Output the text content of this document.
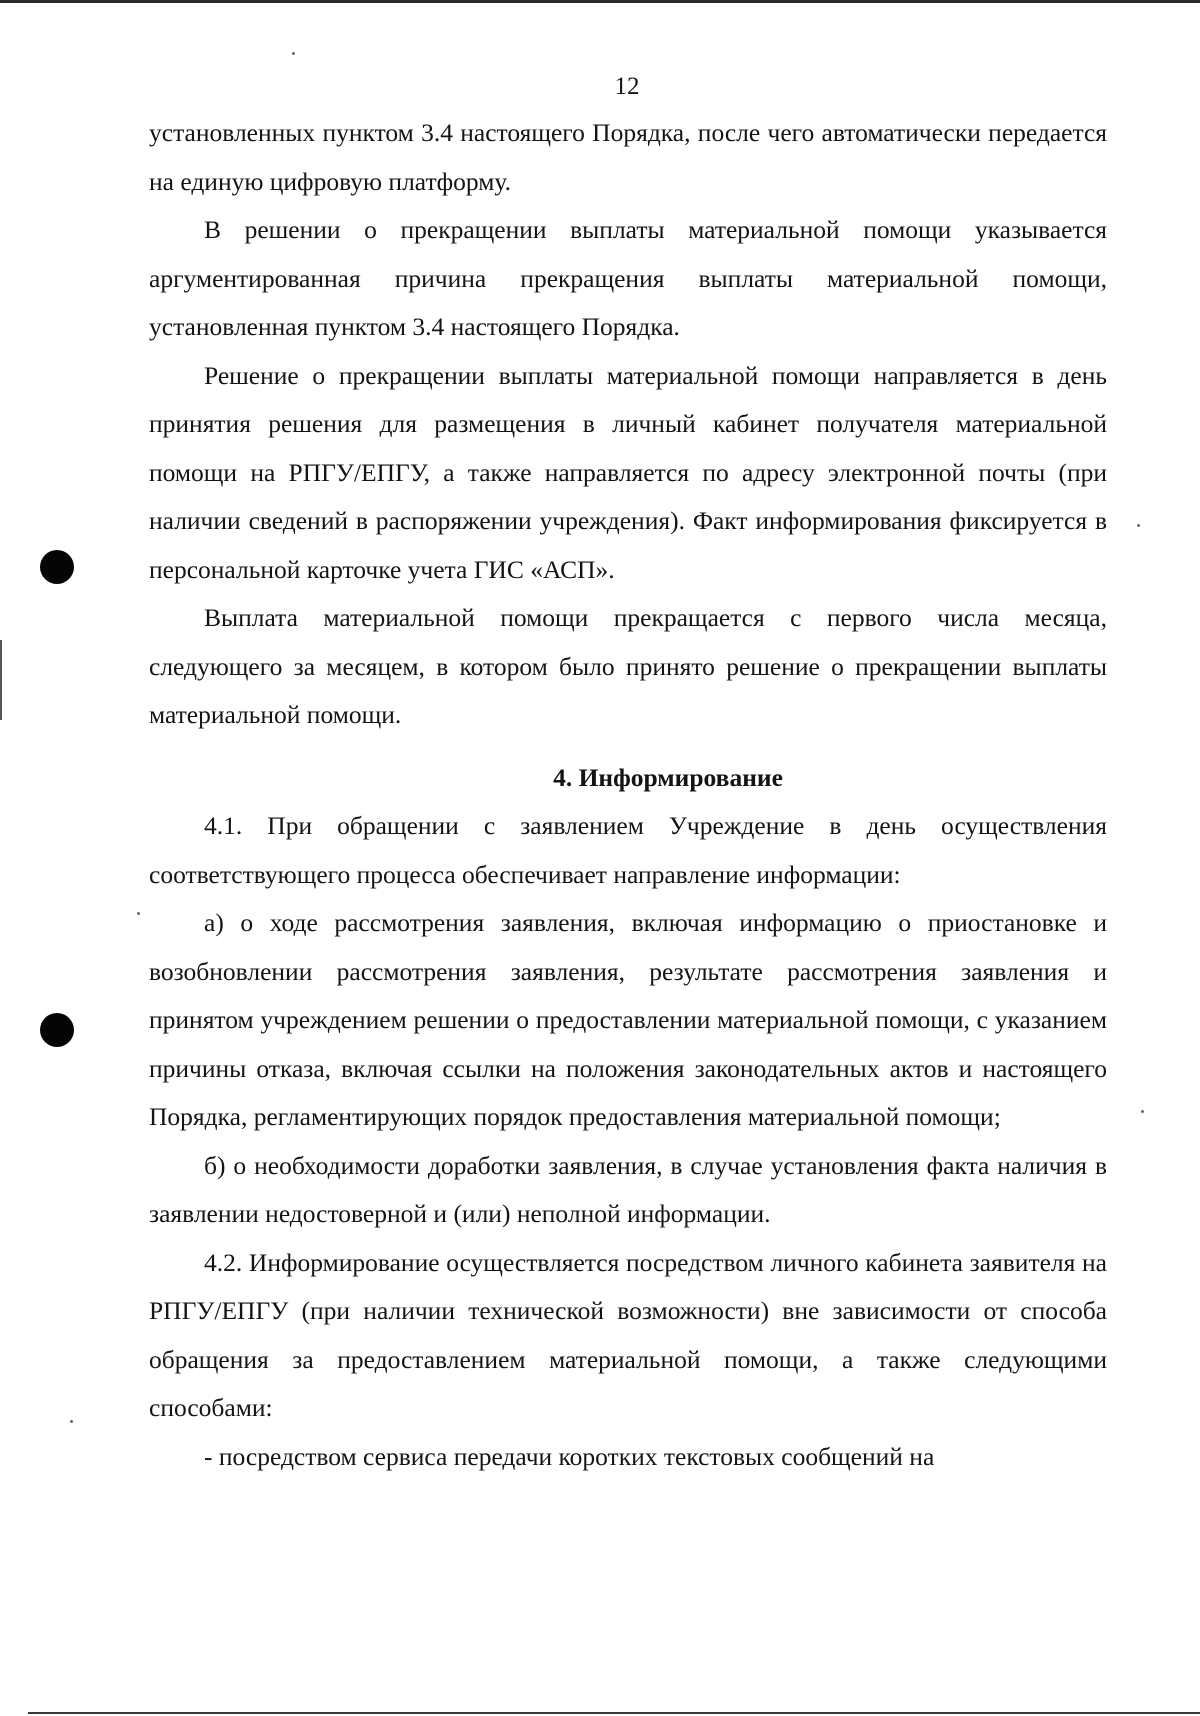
12

установленных пунктом 3.4 настоящего Порядка, после чего автоматически передается на единую цифровую платформу.

В решении о прекращении выплаты материальной помощи указывается аргументированная причина прекращения выплаты материальной помощи, установленная пунктом 3.4 настоящего Порядка.

Решение о прекращении выплаты материальной помощи направляется в день принятия решения для размещения в личный кабинет получателя материальной помощи на РПГУ/ЕПГУ, а также направляется по адресу электронной почты (при наличии сведений в распоряжении учреждения). Факт информирования фиксируется в персональной карточке учета ГИС «АСП».

Выплата материальной помощи прекращается с первого числа месяца, следующего за месяцем, в котором было принято решение о прекращении выплаты материальной помощи.

4. Информирование

4.1. При обращении с заявлением Учреждение в день осуществления соответствующего процесса обеспечивает направление информации:

а) о ходе рассмотрения заявления, включая информацию о приостановке и возобновлении рассмотрения заявления, результате рассмотрения заявления и принятом учреждением решении о предоставлении материальной помощи, с указанием причины отказа, включая ссылки на положения законодательных актов и настоящего Порядка, регламентирующих порядок предоставления материальной помощи;

б) о необходимости доработки заявления, в случае установления факта наличия в заявлении недостоверной и (или) неполной информации.

4.2. Информирование осуществляется посредством личного кабинета заявителя на РПГУ/ЕПГУ (при наличии технической возможности) вне зависимости от способа обращения за предоставлением материальной помощи, а также следующими способами:

- посредством сервиса передачи коротких текстовых сообщений на
